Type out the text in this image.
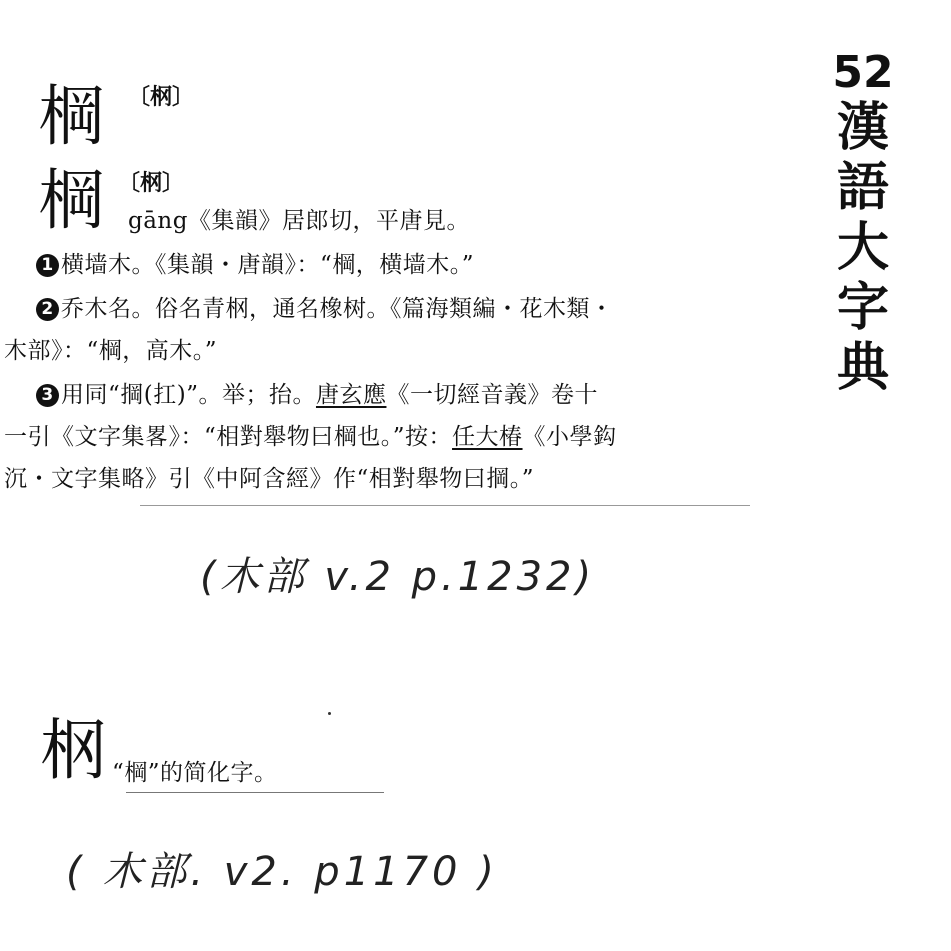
52
漢
語
大
字
典
棡 〔㭎〕
棡 〔㭎〕
gāng《集韻》居郎切，平唐見。
1 横墙木。《集韻・唐韻》：“棡，横墙木。”
2 乔木名。俗名青㭎，通名橡树。《篇海類編・花木類・
木部》：“棡，高木。”
3 用同“掆(扛)”。举；抬。唐玄應《一切經音義》卷十
一引《文字集畧》：“相對舉物曰棡也。”按：任大椿《小學鈎
沉・文字集略》引《中阿含經》作“相對舉物曰掆。”
(木部 v.2 p.1232)
㭎 “棡”的简化字。
( 木部. v2. p1170 )
